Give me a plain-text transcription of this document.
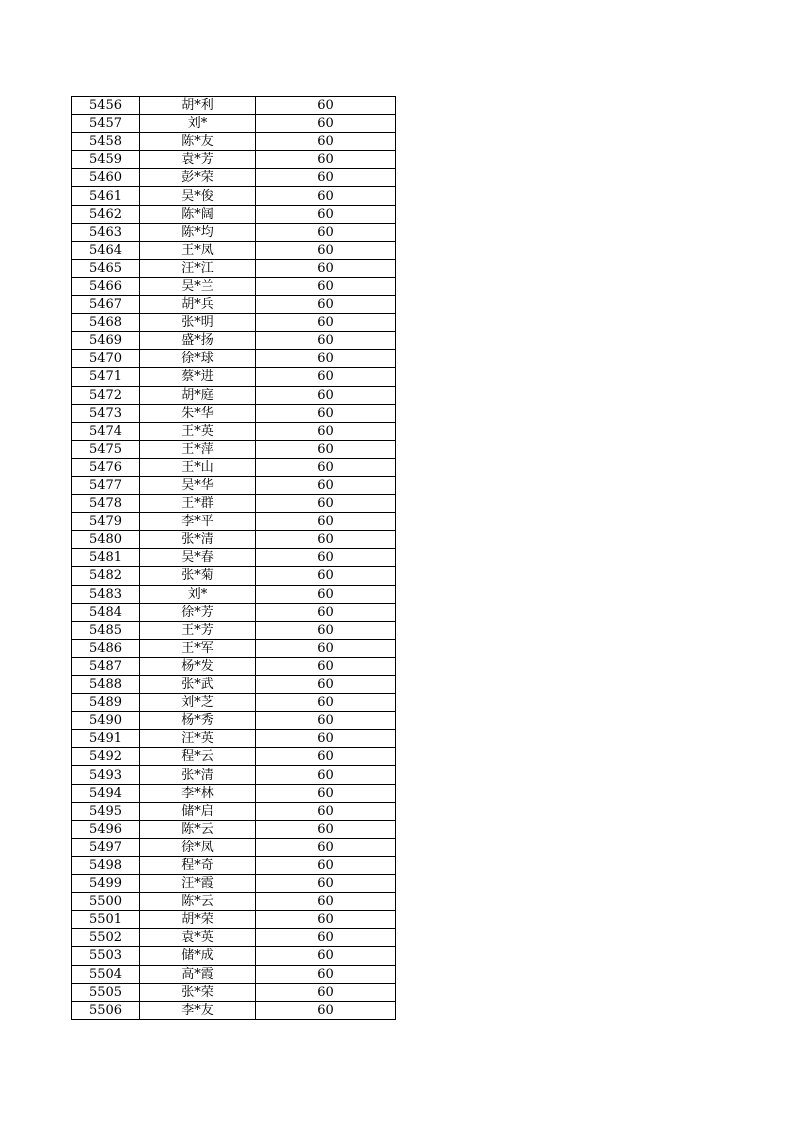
5456	胡*利	60
5457	刘*	60
5458	陈*友	60
5459	袁*芳	60
5460	彭*荣	60
5461	吴*俊	60
5462	陈*阔	60
5463	陈*均	60
5464	王*凤	60
5465	汪*江	60
5466	吴*兰	60
5467	胡*兵	60
5468	张*明	60
5469	盛*扬	60
5470	徐*球	60
5471	蔡*进	60
5472	胡*庭	60
5473	朱*华	60
5474	王*英	60
5475	王*萍	60
5476	王*山	60
5477	吴*华	60
5478	王*群	60
5479	李*平	60
5480	张*清	60
5481	吴*春	60
5482	张*菊	60
5483	刘*	60
5484	徐*芳	60
5485	王*芳	60
5486	王*军	60
5487	杨*发	60
5488	张*武	60
5489	刘*芝	60
5490	杨*秀	60
5491	汪*英	60
5492	程*云	60
5493	张*清	60
5494	李*林	60
5495	储*启	60
5496	陈*云	60
5497	徐*凤	60
5498	程*奇	60
5499	汪*霞	60
5500	陈*云	60
5501	胡*荣	60
5502	袁*英	60
5503	储*成	60
5504	高*霞	60
5505	张*荣	60
5506	李*友	60
